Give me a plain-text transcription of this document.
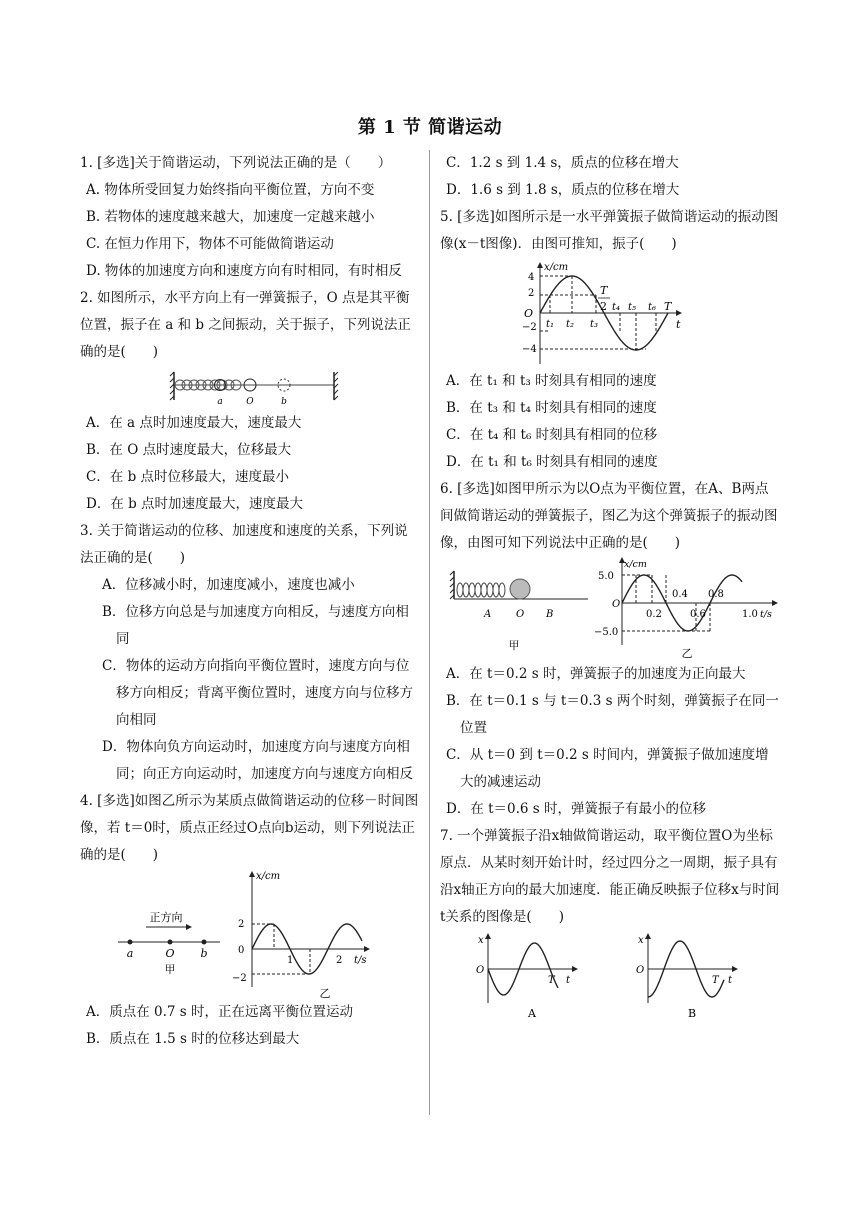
第 1 节 简谐运动

1. [多选]关于简谐运动，下列说法正确的是（　　）

A. 物体所受回复力始终指向平衡位置，方向不变

B. 若物体的速度越来越大，加速度一定越来越小

C. 在恒力作用下，物体不可能做简谐运动

D. 物体的加速度方向和速度方向有时相同，有时相反

2. 如图所示，水平方向上有一弹簧振子，O 点是其平衡位置，振子在 a 和 b 之间振动，关于振子，下列说法正确的是(　　)

a	O	b

A．在 a 点时加速度最大，速度最大

B．在 O 点时速度最大，位移最大

C．在 b 点时位移最大，速度最小

D．在 b 点时加速度最大，速度最大

3. 关于简谐运动的位移、加速度和速度的关系，下列说法正确的是(　　)

A．位移减小时，加速度减小，速度也减小

B．位移方向总是与加速度方向相反，与速度方向相同

C．物体的运动方向指向平衡位置时，速度方向与位移方向相反；背离平衡位置时，速度方向与位移方向相同

D．物体向负方向运动时，加速度方向与速度方向相同；向正方向运动时，加速度方向与速度方向相反

4. [多选]如图乙所示为某质点做简谐运动的位移－时间图像，若 t＝0时，质点正经过O点向b运动，则下列说法正确的是(　　)

正方向
a	O b
甲
x/cm
t/s
2
0
−2
1	2
乙

A．质点在 0.7 s 时，正在远离平衡位置运动

B．质点在 1.5 s 时的位移达到最大

C．1.2 s 到 1.4 s，质点的位移在增大

D．1.6 s 到 1.8 s，质点的位移在增大

5. [多选]如图所示是一水平弹簧振子做简谐运动的振动图像(x－t图像)．由图可推知，振子(　　)

x/cm
4
2
O
−2
−4
T
2
t₁ t₂ t₃
t₄ t₅ t₆ T
t

A．在 t₁ 和 t₃ 时刻具有相同的速度

B．在 t₃ 和 t₄ 时刻具有相同的速度

C．在 t₄ 和 t₆ 时刻具有相同的位移

D．在 t₁ 和 t₆ 时刻具有相同的速度

6. [多选]如图甲所示为以O点为平衡位置，在A、B两点间做简谐运动的弹簧振子，图乙为这个弹簧振子的振动图像，由图可知下列说法中正确的是(　　)

A O B
甲
x/cm
5.0
−5.0
O
0.2
0.4
0.6
0.8
1.0 t/s
乙

A．在 t＝0.2 s 时，弹簧振子的加速度为正向最大

B．在 t＝0.1 s 与 t＝0.3 s 两个时刻，弹簧振子在同一位置

C．从 t＝0 到 t＝0.2 s 时间内，弹簧振子做加速度增大的减速运动

D．在 t＝0.6 s 时，弹簧振子有最小的位移

7. 一个弹簧振子沿x轴做简谐运动，取平衡位置O为坐标原点．从某时刻开始计时，经过四分之一周期，振子具有沿x轴正方向的最大加速度．能正确反映振子位移x与时间t关系的图像是(　　)

x
O
T t
A
x
O
T t
B
